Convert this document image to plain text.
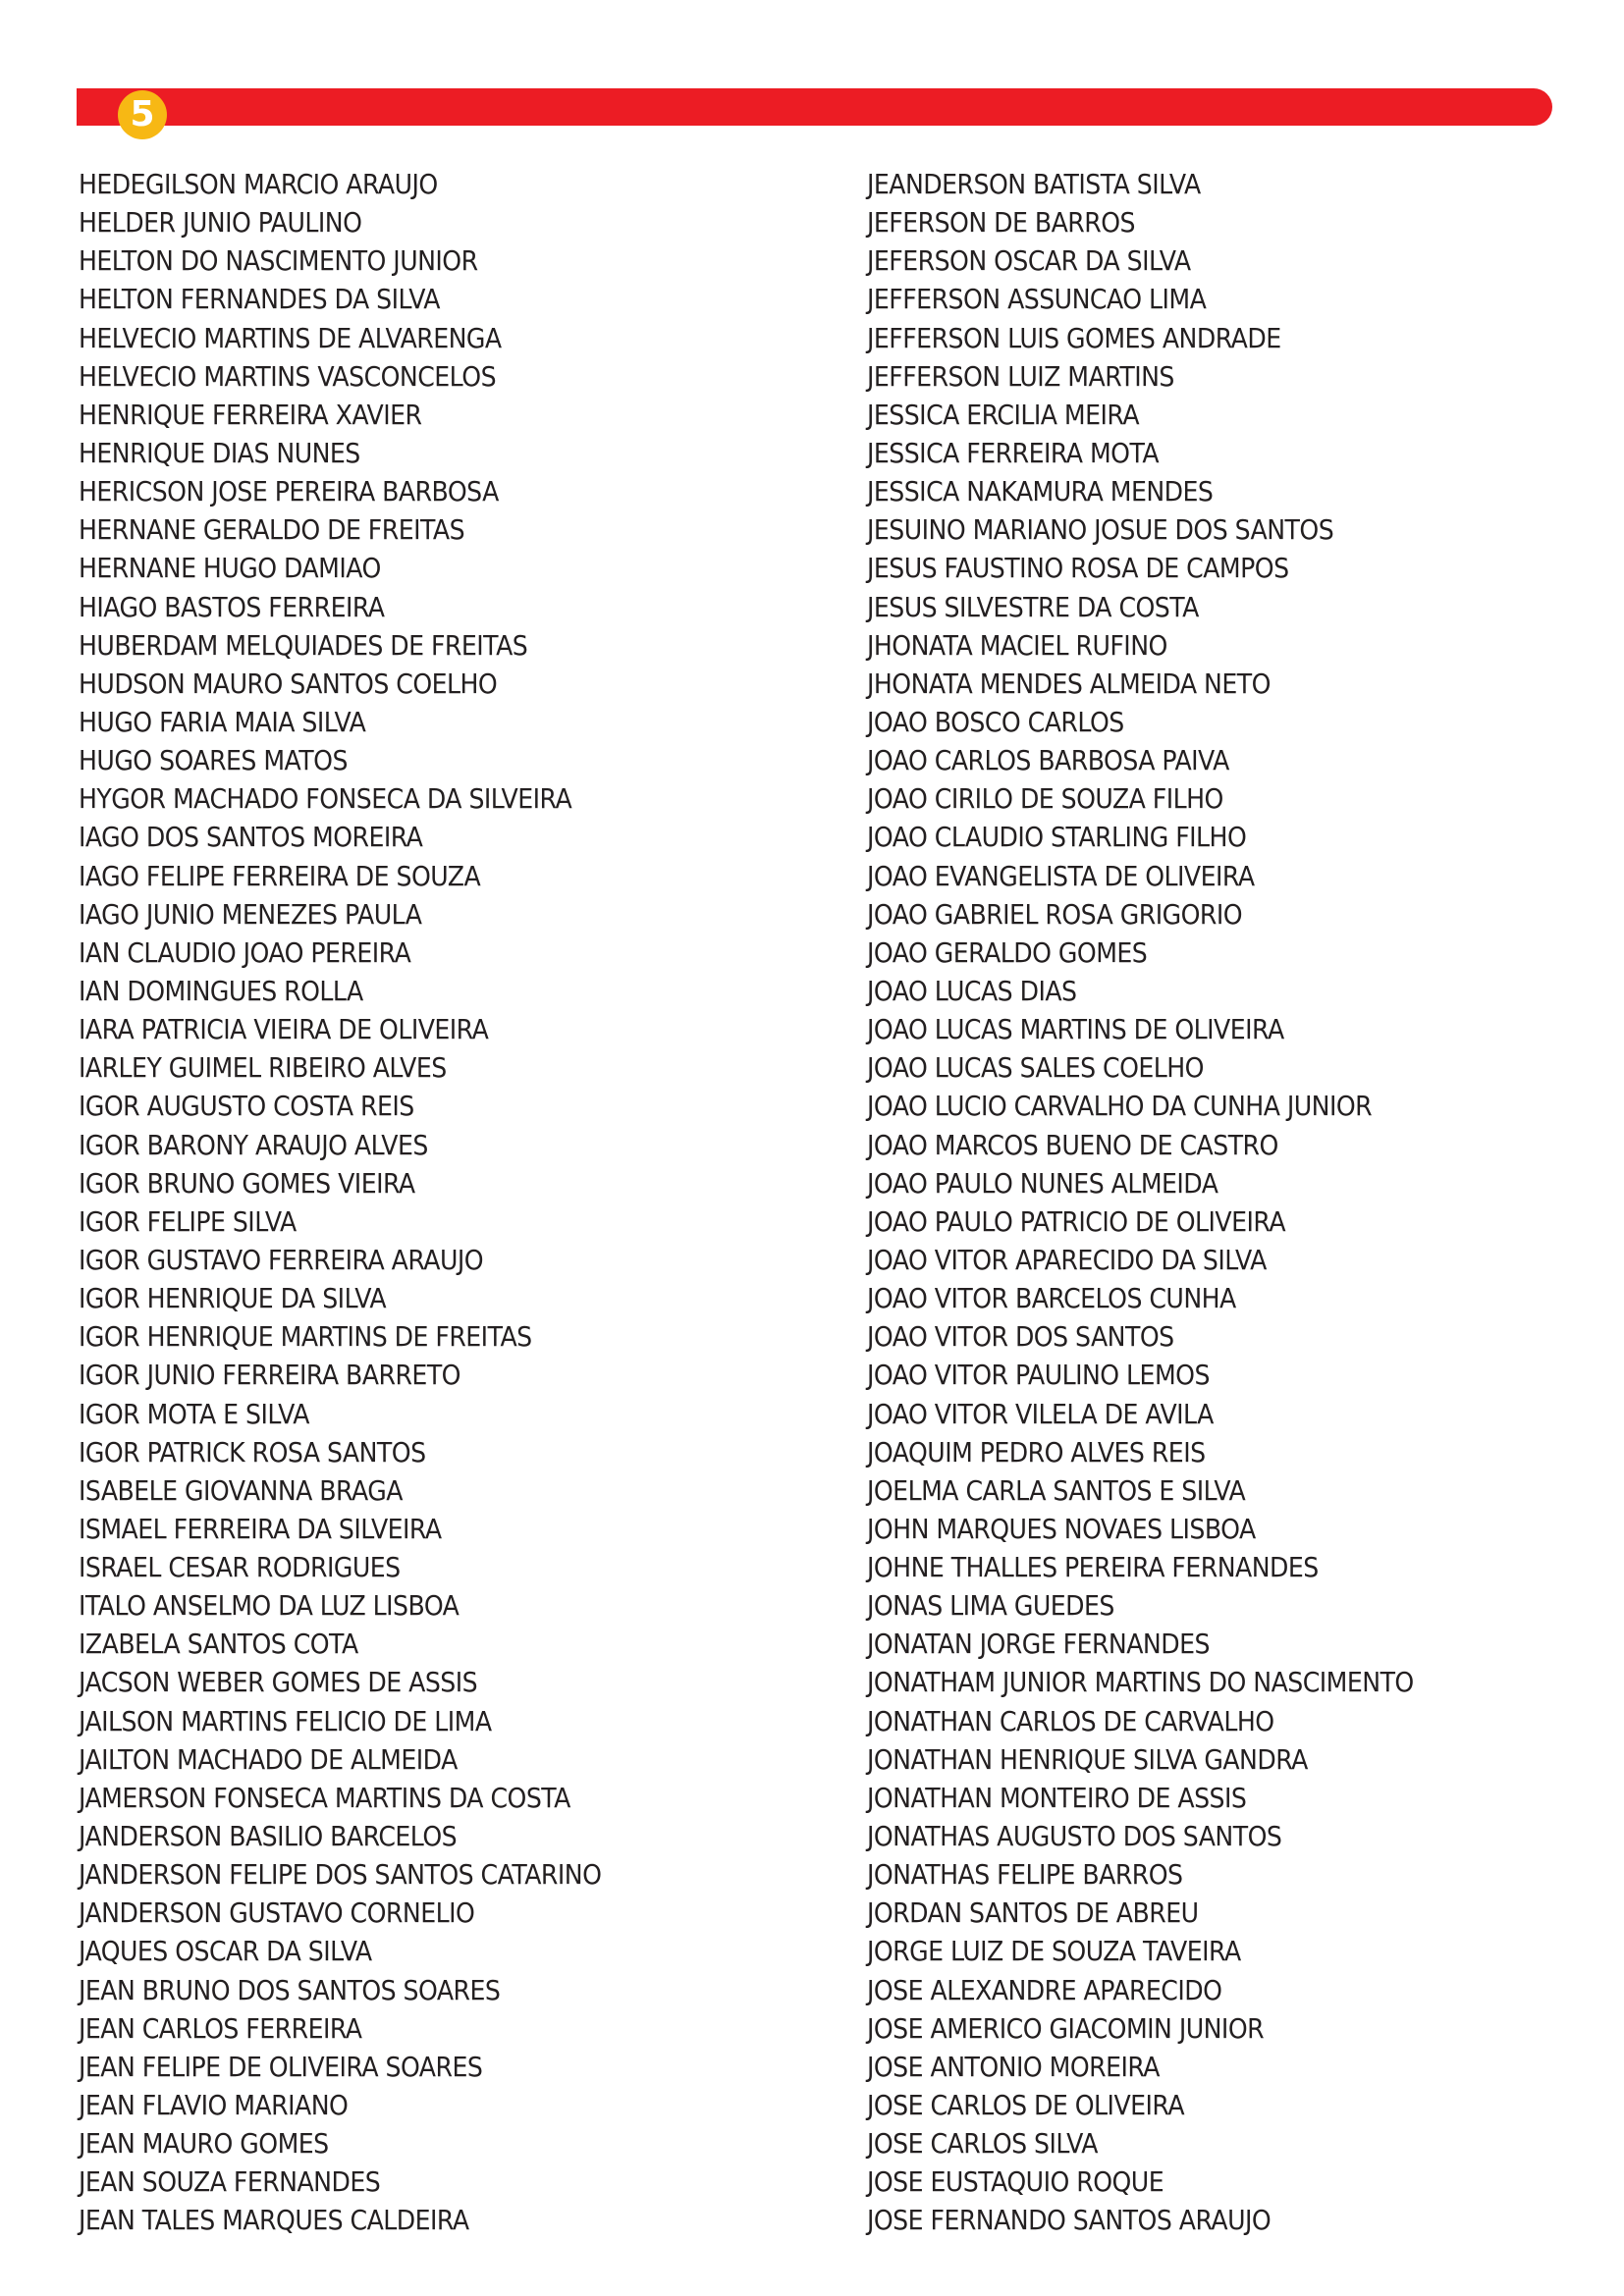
5
HEDEGILSON MARCIO ARAUJO
HELDER JUNIO PAULINO
HELTON DO NASCIMENTO JUNIOR
HELTON FERNANDES DA SILVA
HELVECIO MARTINS DE ALVARENGA
HELVECIO MARTINS VASCONCELOS
HENRIQUE FERREIRA XAVIER
HENRIQUE DIAS NUNES
HERICSON JOSE PEREIRA BARBOSA
HERNANE GERALDO DE FREITAS
HERNANE HUGO DAMIAO
HIAGO BASTOS FERREIRA
HUBERDAM MELQUIADES DE FREITAS
HUDSON MAURO SANTOS COELHO
HUGO FARIA MAIA SILVA
HUGO SOARES MATOS
HYGOR MACHADO FONSECA DA SILVEIRA
IAGO DOS SANTOS MOREIRA
IAGO FELIPE FERREIRA DE SOUZA
IAGO JUNIO MENEZES PAULA
IAN CLAUDIO JOAO PEREIRA
IAN DOMINGUES ROLLA
IARA PATRICIA VIEIRA DE OLIVEIRA
IARLEY GUIMEL RIBEIRO ALVES
IGOR AUGUSTO COSTA REIS
IGOR BARONY ARAUJO ALVES
IGOR BRUNO GOMES VIEIRA
IGOR FELIPE SILVA
IGOR GUSTAVO FERREIRA ARAUJO
IGOR HENRIQUE DA SILVA
IGOR HENRIQUE MARTINS DE FREITAS
IGOR JUNIO FERREIRA BARRETO
IGOR MOTA E SILVA
IGOR PATRICK ROSA SANTOS
ISABELE GIOVANNA BRAGA
ISMAEL FERREIRA DA SILVEIRA
ISRAEL CESAR RODRIGUES
ITALO ANSELMO DA LUZ LISBOA
IZABELA SANTOS COTA
JACSON WEBER GOMES DE ASSIS
JAILSON MARTINS FELICIO DE LIMA
JAILTON MACHADO DE ALMEIDA
JAMERSON FONSECA MARTINS DA COSTA
JANDERSON BASILIO BARCELOS
JANDERSON FELIPE DOS SANTOS CATARINO
JANDERSON GUSTAVO CORNELIO
JAQUES OSCAR DA SILVA
JEAN BRUNO DOS SANTOS SOARES
JEAN CARLOS FERREIRA
JEAN FELIPE DE OLIVEIRA SOARES
JEAN FLAVIO MARIANO
JEAN MAURO GOMES
JEAN SOUZA FERNANDES
JEAN TALES MARQUES CALDEIRA
JEANDERSON BATISTA SILVA
JEFERSON DE BARROS
JEFERSON OSCAR DA SILVA
JEFFERSON ASSUNCAO LIMA
JEFFERSON LUIS GOMES ANDRADE
JEFFERSON LUIZ MARTINS
JESSICA ERCILIA MEIRA
JESSICA FERREIRA MOTA
JESSICA NAKAMURA MENDES
JESUINO MARIANO JOSUE DOS SANTOS
JESUS FAUSTINO ROSA DE CAMPOS
JESUS SILVESTRE DA COSTA
JHONATA MACIEL RUFINO
JHONATA MENDES ALMEIDA NETO
JOAO BOSCO CARLOS
JOAO CARLOS BARBOSA PAIVA
JOAO CIRILO DE SOUZA FILHO
JOAO CLAUDIO STARLING FILHO
JOAO EVANGELISTA DE OLIVEIRA
JOAO GABRIEL ROSA GRIGORIO
JOAO GERALDO GOMES
JOAO LUCAS DIAS
JOAO LUCAS MARTINS DE OLIVEIRA
JOAO LUCAS SALES COELHO
JOAO LUCIO CARVALHO DA CUNHA JUNIOR
JOAO MARCOS BUENO DE CASTRO
JOAO PAULO NUNES ALMEIDA
JOAO PAULO PATRICIO DE OLIVEIRA
JOAO VITOR APARECIDO DA SILVA
JOAO VITOR BARCELOS CUNHA
JOAO VITOR DOS SANTOS
JOAO VITOR PAULINO LEMOS
JOAO VITOR VILELA DE AVILA
JOAQUIM PEDRO ALVES REIS
JOELMA CARLA SANTOS E SILVA
JOHN MARQUES NOVAES LISBOA
JOHNE THALLES PEREIRA FERNANDES
JONAS LIMA GUEDES
JONATAN JORGE FERNANDES
JONATHAM JUNIOR MARTINS DO NASCIMENTO
JONATHAN CARLOS DE CARVALHO
JONATHAN HENRIQUE SILVA GANDRA
JONATHAN MONTEIRO DE ASSIS
JONATHAS AUGUSTO DOS SANTOS
JONATHAS FELIPE BARROS
JORDAN SANTOS DE ABREU
JORGE LUIZ DE SOUZA TAVEIRA
JOSE ALEXANDRE APARECIDO
JOSE AMERICO GIACOMIN JUNIOR
JOSE ANTONIO MOREIRA
JOSE CARLOS DE OLIVEIRA
JOSE CARLOS SILVA
JOSE EUSTAQUIO ROQUE
JOSE FERNANDO SANTOS ARAUJO
